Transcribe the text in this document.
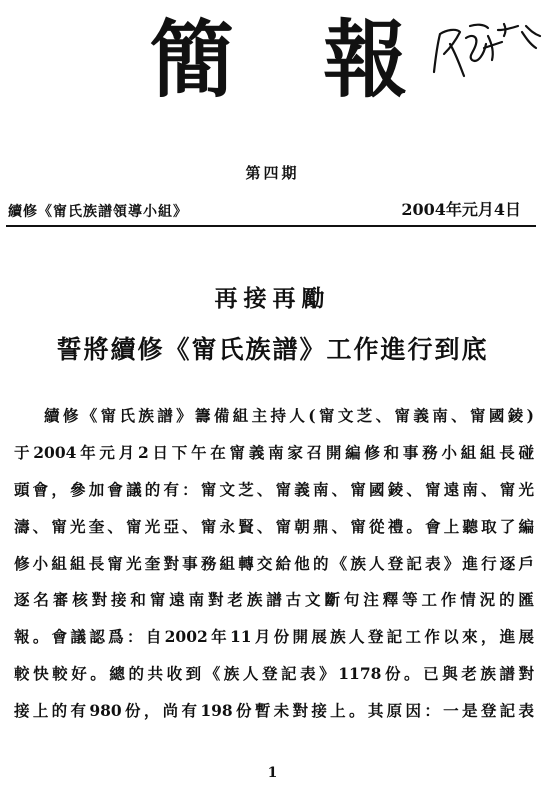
簡 報
第四期
續修《甯氏族譜領導小組》	2004年元月4日
再接再勵
誓將續修《甯氏族譜》工作進行到底
續修《甯氏族譜》籌備組主持人(甯文芝、甯義南、甯國錂)
于2004年元月2日下午在甯義南家召開編修和事務小組組長碰
頭會，參加會議的有：甯文芝、甯義南、甯國錂、甯遠南、甯光
濤、甯光奎、甯光亞、甯永賢、甯朝鼎、甯從禮。會上聽取了編
修小組組長甯光奎對事務組轉交給他的《族人登記表》進行逐戶
逐名審核對接和甯遠南對老族譜古文斷句注釋等工作情況的匯
報。會議認爲：自2002年11月份開展族人登記工作以來，進展
較快較好。總的共收到《族人登記表》1178份。已與老族譜對
接上的有980份，尚有198份暫未對接上。其原因：一是登記表
1
